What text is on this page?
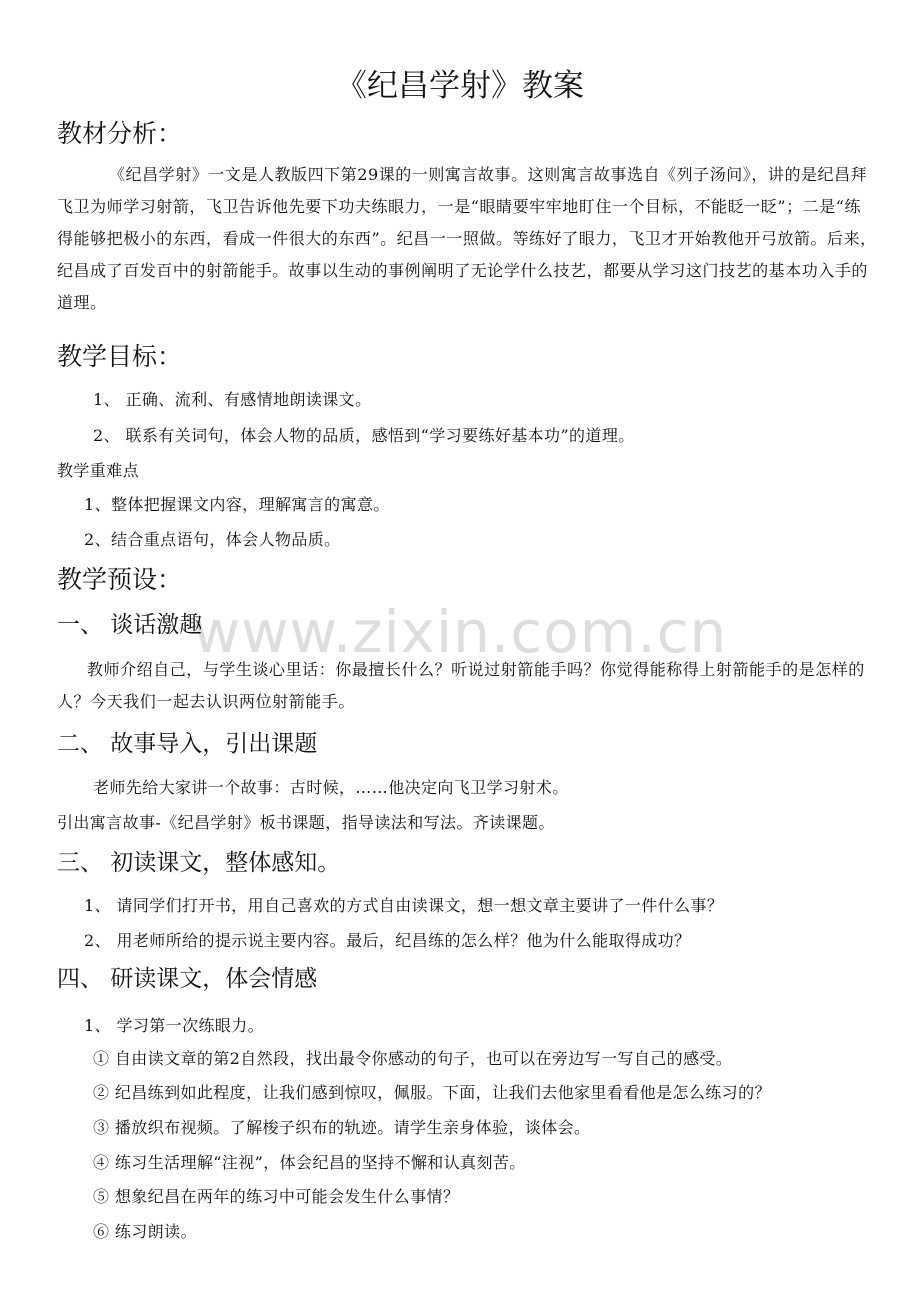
www.zixin.com.cn
《纪昌学射》教案
教材分析：
《纪昌学射》一文是人教版四下第29课的一则寓言故事。这则寓言故事选自《列子汤问》，讲的是纪昌拜飞卫为师学习射箭，飞卫告诉他先要下功夫练眼力，一是“眼睛要牢牢地盯住一个目标，不能眨一眨”；二是“练得能够把极小的东西，看成一件很大的东西”。纪昌一一照做。等练好了眼力，飞卫才开始教他开弓放箭。后来，纪昌成了百发百中的射箭能手。故事以生动的事例阐明了无论学什么技艺，都要从学习这门技艺的基本功入手的道理。
教学目标：
1、 正确、流利、有感情地朗读课文。
2、 联系有关词句，体会人物的品质，感悟到“学习要练好基本功”的道理。
教学重难点
1、整体把握课文内容，理解寓言的寓意。
2、结合重点语句，体会人物品质。
教学预设：
一、 谈话激趣
教师介绍自己，与学生谈心里话：你最擅长什么？听说过射箭能手吗？你觉得能称得上射箭能手的是怎样的人？今天我们一起去认识两位射箭能手。
二、 故事导入，引出课题
老师先给大家讲一个故事：古时候，……他决定向飞卫学习射术。
引出寓言故事-《纪昌学射》板书课题，指导读法和写法。齐读课题。
三、 初读课文，整体感知。
1、 请同学们打开书，用自己喜欢的方式自由读课文，想一想文章主要讲了一件什么事？
2、 用老师所给的提示说主要内容。最后，纪昌练的怎么样？他为什么能取得成功？
四、 研读课文，体会情感
1、 学习第一次练眼力。
① 自由读文章的第2自然段，找出最令你感动的句子，也可以在旁边写一写自己的感受。
② 纪昌练到如此程度，让我们感到惊叹，佩服。下面，让我们去他家里看看他是怎么练习的？
③ 播放织布视频。了解梭子织布的轨迹。请学生亲身体验，谈体会。
④ 练习生活理解“注视”，体会纪昌的坚持不懈和认真刻苦。
⑤ 想象纪昌在两年的练习中可能会发生什么事情？
⑥ 练习朗读。
